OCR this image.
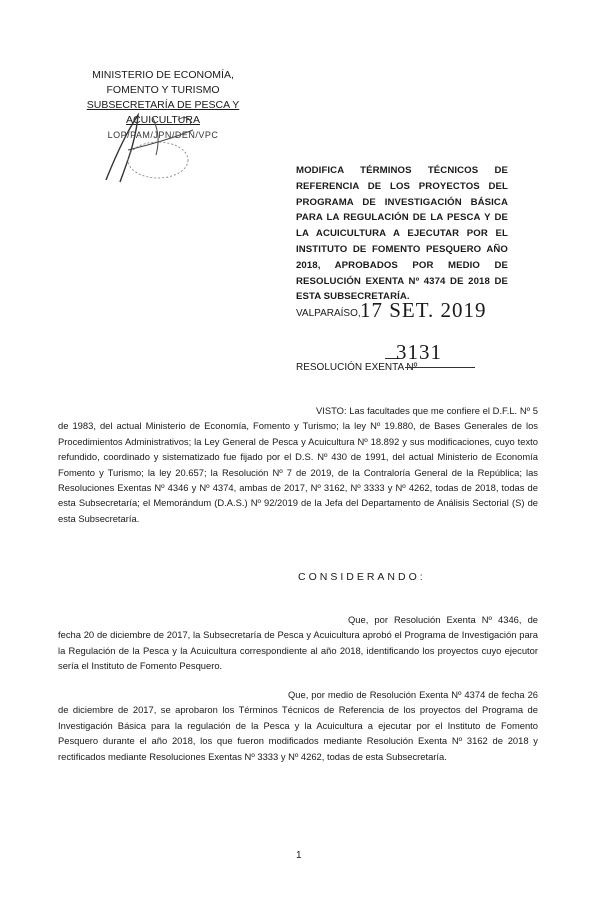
MINISTERIO DE ECONOMÍA,
FOMENTO Y TURISMO
SUBSECRETARÍA DE PESCA Y ACUICULTURA
LOP/PAM/JPN/DEN/VPC
MODIFICA TÉRMINOS TÉCNICOS DE REFERENCIA DE LOS PROYECTOS DEL PROGRAMA DE INVESTIGACIÓN BÁSICA PARA LA REGULACIÓN DE LA PESCA Y DE LA ACUICULTURA A EJECUTAR POR EL INSTITUTO DE FOMENTO PESQUERO AÑO 2018, APROBADOS POR MEDIO DE RESOLUCIÓN EXENTA Nº 4374 DE 2018 DE ESTA SUBSECRETARÍA.
VALPARAÍSO, 17 SET. 2019
—
3131
RESOLUCIÓN EXENTA Nº
VISTO: Las facultades que me confiere el D.F.L. Nº 5 de 1983, del actual Ministerio de Economía, Fomento y Turismo; la ley Nº 19.880, de Bases Generales de los Procedimientos Administrativos; la Ley General de Pesca y Acuicultura Nº 18.892 y sus modificaciones, cuyo texto refundido, coordinado y sistematizado fue fijado por el D.S. Nº 430 de 1991, del actual Ministerio de Economía Fomento y Turismo; la ley 20.657; la Resolución Nº 7 de 2019, de la Contraloría General de la República; las Resoluciones Exentas Nº 4346 y Nº 4374, ambas de 2017, Nº 3162, Nº 3333 y Nº 4262, todas de 2018, todas de esta Subsecretaría; el Memorándum (D.A.S.) Nº 92/2019 de la Jefa del Departamento de Análisis Sectorial (S) de esta Subsecretaría.
CONSIDERANDO:
Que, por Resolución Exenta Nº 4346, de fecha 20 de diciembre de 2017, la Subsecretaría de Pesca y Acuicultura aprobó el Programa de Investigación para la Regulación de la Pesca y la Acuicultura correspondiente al año 2018, identificando los proyectos cuyo ejecutor sería el Instituto de Fomento Pesquero.
Que, por medio de Resolución Exenta Nº 4374 de fecha 26 de diciembre de 2017, se aprobaron los Términos Técnicos de Referencia de los proyectos del Programa de Investigación Básica para la regulación de la Pesca y la Acuicultura a ejecutar por el Instituto de Fomento Pesquero durante el año 2018, los que fueron modificados mediante Resolución Exenta Nº 3162 de 2018 y rectificados mediante Resoluciones Exentas Nº 3333 y Nº 4262, todas de esta Subsecretaría.
1
